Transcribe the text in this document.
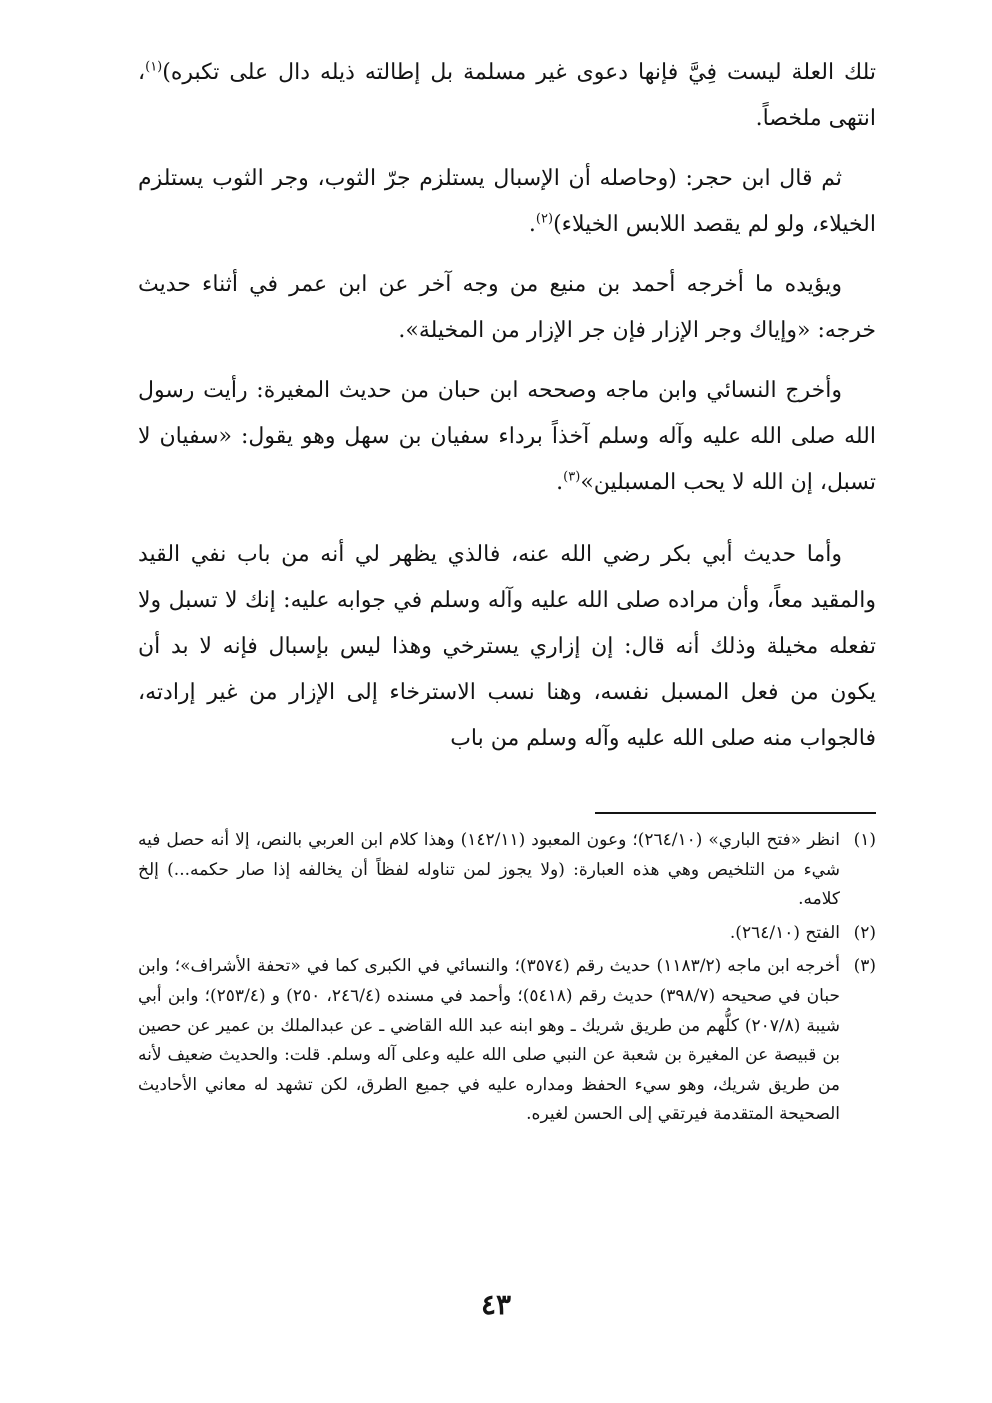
تلك العلة ليست فِيَّ فإنها دعوى غير مسلمة بل إطالته ذيله دال على تكبره)$^{(١)}$، انتهى ملخصاً.

ثم قال ابن حجر: (وحاصله أن الإسبال يستلزم جرّ الثوب، وجر الثوب يستلزم الخيلاء، ولو لم يقصد اللابس الخيلاء)$^{(٢)}$.

ويؤيده ما أخرجه أحمد بن منيع من وجه آخر عن ابن عمر في أثناء حديث خرجه: «وإياك وجر الإزار فإن جر الإزار من المخيلة».

وأخرج النسائي وابن ماجه وصححه ابن حبان من حديث المغيرة: رأيت رسول الله صلى الله عليه وآله وسلم آخذاً برداء سفيان بن سهل وهو يقول: «سفيان لا تسبل، إن الله لا يحب المسبلين»$^{(٣)}$.

وأما حديث أبي بكر رضي الله عنه، فالذي يظهر لي أنه من باب نفي القيد والمقيد معاً، وأن مراده صلى الله عليه وآله وسلم في جوابه عليه: إنك لا تسبل ولا تفعله مخيلة وذلك أنه قال: إن إزاري يسترخي وهذا ليس بإسبال فإنه لا بد أن يكون من فعل المسبل نفسه، وهنا نسب الاسترخاء إلى الإزار من غير إرادته، فالجواب منه صلى الله عليه وآله وسلم من باب

(١)
انظر «فتح الباري» (٢٦٤/١٠)؛ وعون المعبود (١٤٢/١١) وهذا كلام ابن العربي بالنص، إلا أنه حصل فيه شيء من التلخيص وهي هذه العبارة: (ولا يجوز لمن تناوله لفظاً أن يخالفه إذا صار حكمه...) إلخ كلامه.
(٢)
الفتح (٢٦٤/١٠).
(٣)
أخرجه ابن ماجه (١١٨٣/٢) حديث رقم (٣٥٧٤)؛ والنسائي في الكبرى كما في «تحفة الأشراف»؛ وابن حبان في صحيحه (٣٩٨/٧) حديث رقم (٥٤١٨)؛ وأحمد في مسنده (٢٤٦/٤، ٢٥٠) و (٢٥٣/٤)؛ وابن أبي شيبة (٢٠٧/٨) كلُّهم من طريق شريك ـ وهو ابنه عبد الله القاضي ـ عن عبدالملك بن عمير عن حصين بن قبيصة عن المغيرة بن شعبة عن النبي صلى الله عليه وعلى آله وسلم. قلت: والحديث ضعيف لأنه من طريق شريك، وهو سيء الحفظ ومداره عليه في جميع الطرق، لكن تشهد له معاني الأحاديث الصحيحة المتقدمة فيرتقي إلى الحسن لغيره.
٤٣
